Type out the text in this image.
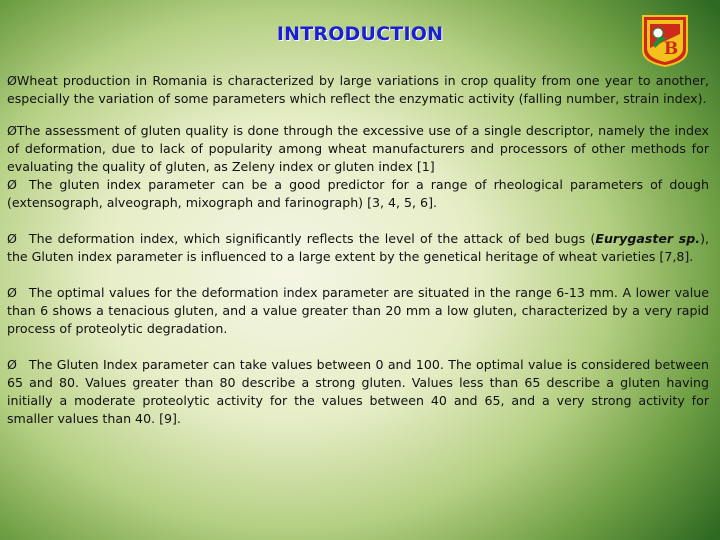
INTRODUCTION
B

ØWheat production in Romania is characterized by large variations in crop quality from one year to another, especially the variation of some parameters which reflect the enzymatic activity (falling number, strain index).

ØThe assessment of gluten quality is done through the excessive use of a single descriptor, namely the index of deformation, due to lack of popularity among wheat manufacturers and processors of other methods for evaluating the quality of gluten, as Zeleny index or gluten index [1]

Ø The gluten index parameter can be a good predictor for a range of rheological parameters of dough (extensograph, alveograph, mixograph and farinograph) [3, 4, 5, 6].

Ø The deformation index, which significantly reflects the level of the attack of bed bugs (Eurygaster sp.), the Gluten index parameter is influenced to a large extent by the genetical heritage of wheat varieties [7,8].

Ø The optimal values for the deformation index parameter are situated in the range 6-13 mm. A lower value than 6 shows a tenacious gluten, and a value greater than 20 mm a low gluten, characterized by a very rapid process of proteolytic degradation.

Ø The Gluten Index parameter can take values between 0 and 100. The optimal value is considered between 65 and 80. Values greater than 80 describe a strong gluten. Values less than 65 describe a gluten having initially a moderate proteolytic activity for the values between 40 and 65, and a very strong activity for smaller values than 40. [9].
